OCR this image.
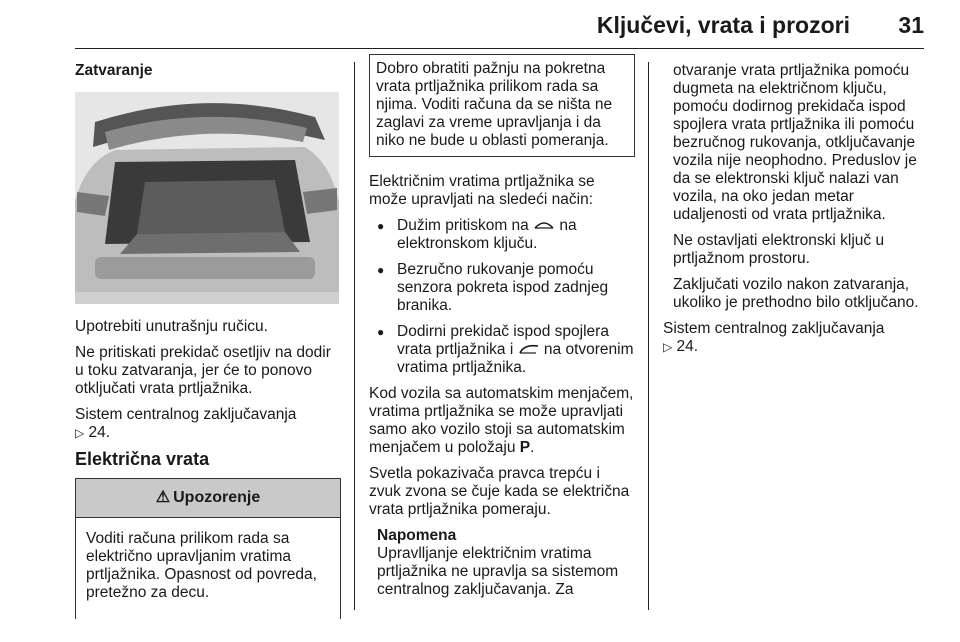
Ključevi, vrata i prozori 31
Zatvaranje

Upotrebiti unutrašnju ručicu.

Ne pritiskati prekidač osetljiv na dodir u toku zatvaranja, jer će to ponovo otključati vrata prtljažnika.

Sistem centralnog zaključavanja
▷ 24.

Električna vrata
⚠ Upozorenje
Voditi računa prilikom rada sa električno upravljanim vratima prtljažnika. Opasnost od povreda, pretežno za decu.
Dobro obratiti pažnju na pokretna vrata prtljažnika prilikom rada sa njima. Voditi računa da se ništa ne zaglavi za vreme upravljanja i da niko ne bude u oblasti pomeranja.

Električnim vratima prtljažnika se može upravljati na sledeći način:

● Dužim pritiskom na na elektronskom ključu.
● Bezručno rukovanje pomoću senzora pokreta ispod zadnjeg branika.
● Dodirni prekidač ispod spojlera vrata prtljažnika i na otvorenim vratima prtljažnika.

Kod vozila sa automatskim menjačem, vratima prtljažnika se može upravljati samo ako vozilo stoji sa automatskim menjačem u položaju P.

Svetla pokazivača pravca trepću i zvuk zvona se čuje kada se električna vrata prtljažnika pomeraju.

Napomena
Upravlljanje električnim vratima prtljažnika ne upravlja sa sistemom centralnog zaključavanja. Za

otvaranje vrata prtljažnika pomoću dugmeta na električnom ključu, pomoću dodirnog prekidača ispod spojlera vrata prtljažnika ili pomoću bezručnog rukovanja, otključavanje vozila nije neophodno. Preduslov je da se elektronski ključ nalazi van vozila, na oko jedan metar udaljenosti od vrata prtljažnika.

Ne ostavljati elektronski ključ u prtljažnom prostoru.

Zaključati vozilo nakon zatvaranja, ukoliko je prethodno bilo otključano.

Sistem centralnog zaključavanja
▷ 24.
